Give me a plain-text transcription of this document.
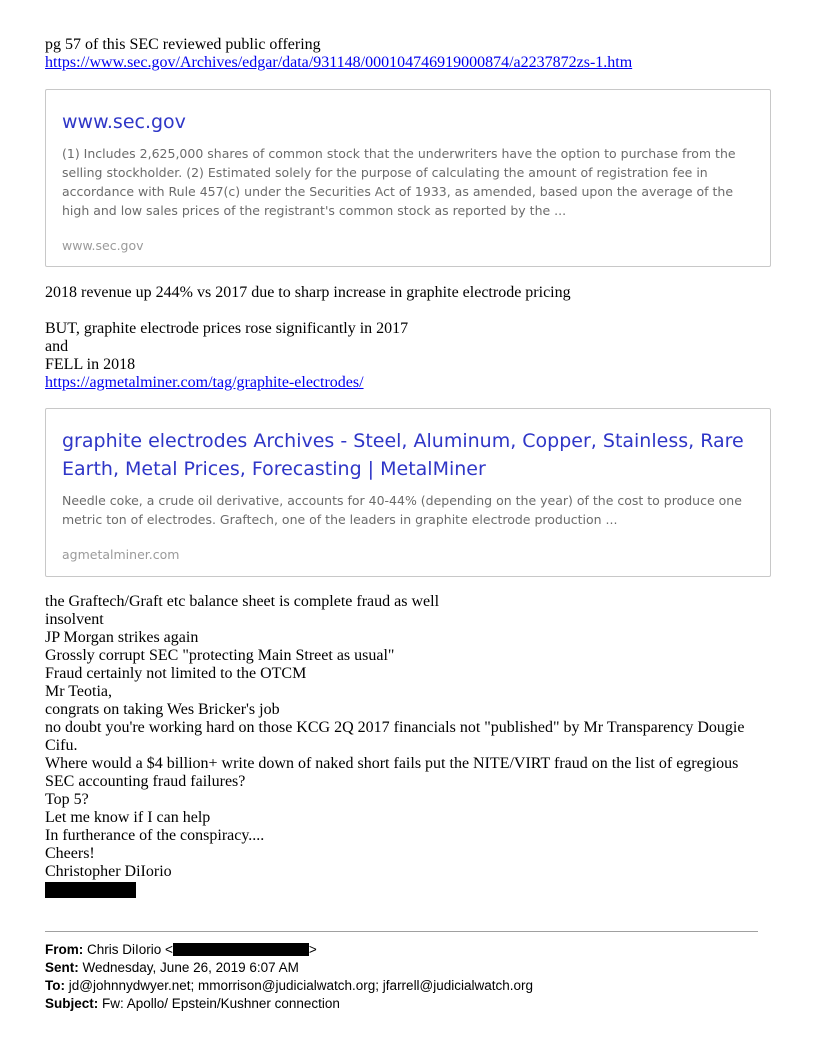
pg 57 of this SEC reviewed public offering
https://www.sec.gov/Archives/edgar/data/931148/000104746919000874/a2237872zs-1.htm
www.sec.gov
(1) Includes 2,625,000 shares of common stock that the underwriters have the option to purchase from the selling stockholder. (2) Estimated solely for the purpose of calculating the amount of registration fee in accordance with Rule 457(c) under the Securities Act of 1933, as amended, based upon the average of the high and low sales prices of the registrant's common stock as reported by the ...
www.sec.gov
2018 revenue up 244% vs 2017 due to sharp increase in graphite electrode pricing
BUT, graphite electrode prices rose significantly in 2017
and
FELL in 2018
https://agmetalminer.com/tag/graphite-electrodes/
graphite electrodes Archives - Steel, Aluminum, Copper, Stainless, Rare Earth, Metal Prices, Forecasting | MetalMiner
Needle coke, a crude oil derivative, accounts for 40-44% (depending on the year) of the cost to produce one metric ton of electrodes. Graftech, one of the leaders in graphite electrode production ...
agmetalminer.com
the Graftech/Graft etc balance sheet is complete fraud as well
insolvent
JP Morgan strikes again
Grossly corrupt SEC "protecting Main Street as usual"
Fraud certainly not limited to the OTCM
Mr Teotia,
congrats on taking Wes Bricker's job
no doubt you're working hard on those KCG 2Q 2017 financials not "published" by Mr Transparency Dougie Cifu.
Where would a $4 billion+ write down of naked short fails put the NITE/VIRT fraud on the list of egregious SEC accounting fraud failures?
Top 5?
Let me know if I can help
In furtherance of the conspiracy....
Cheers!
Christopher DiIorio
From: Chris DiIorio <	>
Sent: Wednesday, June 26, 2019 6:07 AM
To: jd@johnnydwyer.net; mmorrison@judicialwatch.org; jfarrell@judicialwatch.org
Subject: Fw: Apollo/ Epstein/Kushner connection
